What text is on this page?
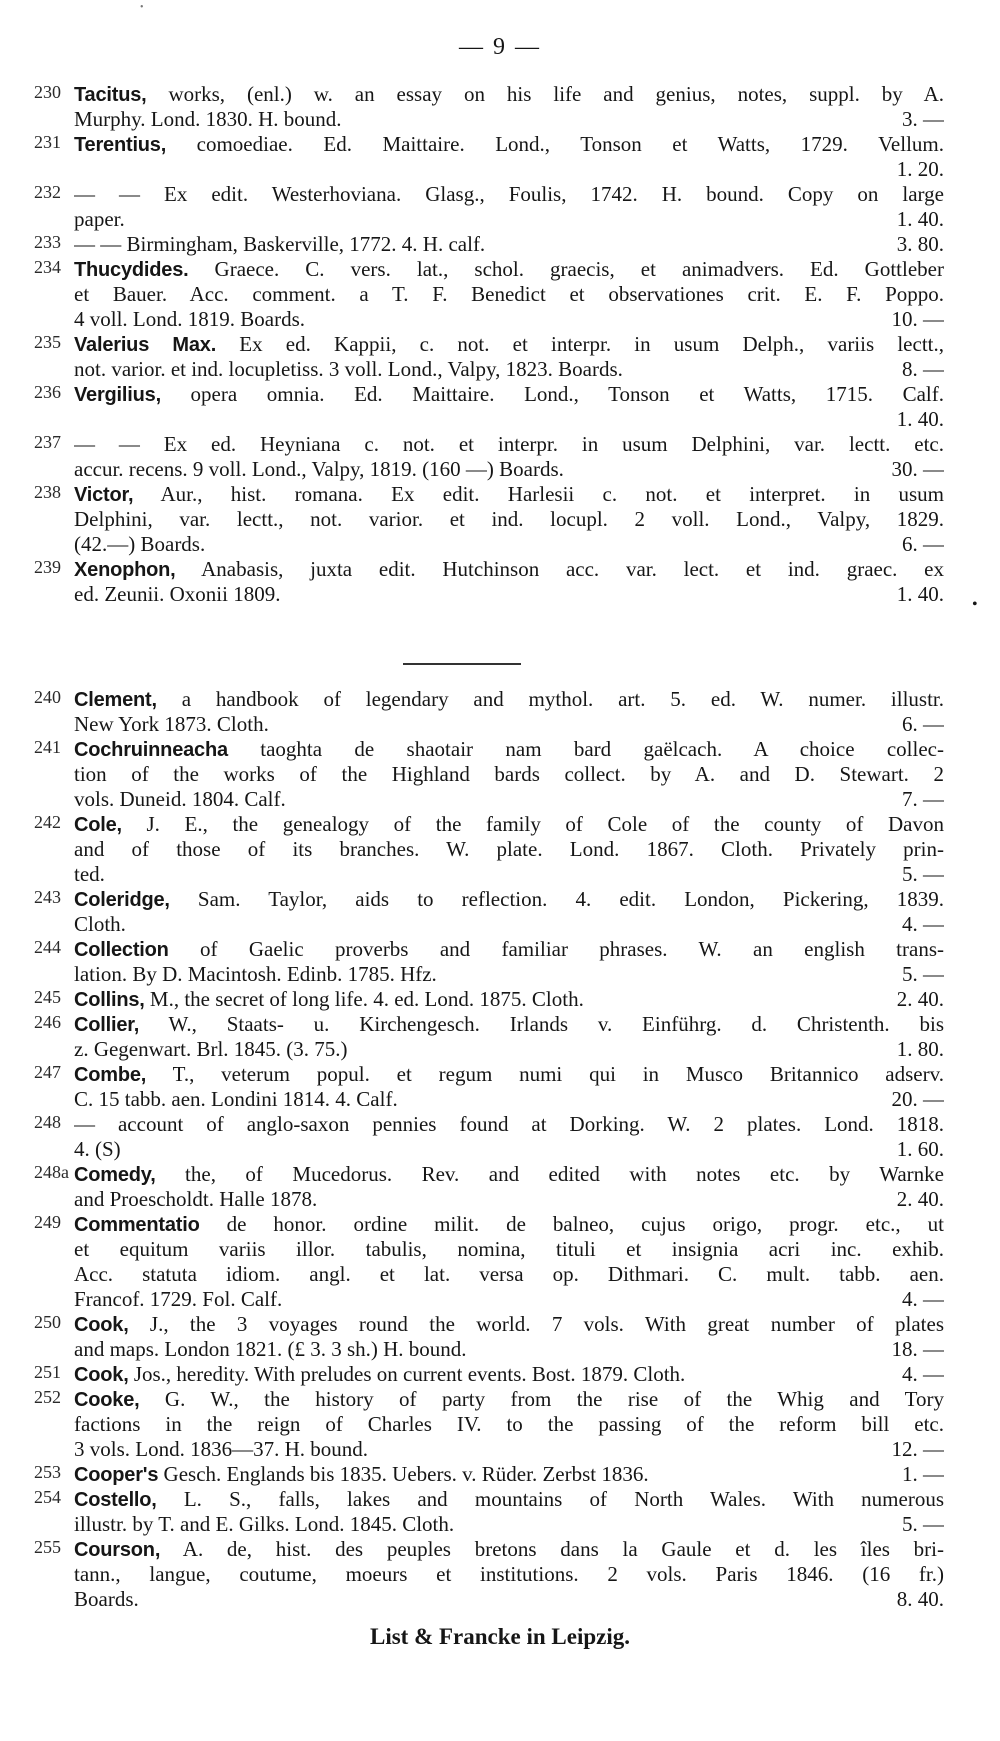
•
— 9 —
230 Tacitus, works, (enl.) w. an essay on his life and genius, notes, suppl. by A.
Murphy. Lond. 1830. H. bound.	3. —
231 Terentius, comoediae. Ed. Maittaire. Lond., Tonson et Watts, 1729. Vellum.
1. 20.
232 — — Ex edit. Westerhoviana. Glasg., Foulis, 1742. H. bound. Copy on large
paper.	1. 40.
233 — — Birmingham, Baskerville, 1772. 4. H. calf.	3. 80.
234 Thucydides. Graece. C. vers. lat., schol. graecis, et animadvers. Ed. Gottleber
et Bauer. Acc. comment. a T. F. Benedict et observationes crit. E. F. Poppo.
4 voll. Lond. 1819. Boards.	10. —
235 Valerius Max. Ex ed. Kappii, c. not. et interpr. in usum Delph., variis lectt.,
not. varior. et ind. locupletiss. 3 voll. Lond., Valpy, 1823. Boards.	8. —
236 Vergilius, opera omnia. Ed. Maittaire. Lond., Tonson et Watts, 1715. Calf.
1. 40.
237 — — Ex ed. Heyniana c. not. et interpr. in usum Delphini, var. lectt. etc.
accur. recens. 9 voll. Lond., Valpy, 1819. (160 —) Boards.	30. —
238 Victor, Aur., hist. romana. Ex edit. Harlesii c. not. et interpret. in usum
Delphini, var. lectt., not. varior. et ind. locupl. 2 voll. Lond., Valpy, 1829.
(42.—) Boards.	6. —
239 Xenophon, Anabasis, juxta edit. Hutchinson acc. var. lect. et ind. graec. ex
ed. Zeunii. Oxonii 1809.	1. 40.
240 Clement, a handbook of legendary and mythol. art. 5. ed. W. numer. illustr.
New York 1873. Cloth.	6. —
241 Cochruinneacha taoghta de shaotair nam bard gaëlcach. A choice collec-
tion of the works of the Highland bards collect. by A. and D. Stewart. 2
vols. Duneid. 1804. Calf.	7. —
242 Cole, J. E., the genealogy of the family of Cole of the county of Davon
and of those of its branches. W. plate. Lond. 1867. Cloth. Privately prin-
ted.	5. —
243 Coleridge, Sam. Taylor, aids to reflection. 4. edit. London, Pickering, 1839.
Cloth.	4. —
244 Collection of Gaelic proverbs and familiar phrases. W. an english trans-
lation. By D. Macintosh. Edinb. 1785. Hfz.	5. —
245 Collins, M., the secret of long life. 4. ed. Lond. 1875. Cloth.	2. 40.
246 Collier, W., Staats- u. Kirchengesch. Irlands v. Einführg. d. Christenth. bis
z. Gegenwart. Brl. 1845. (3. 75.)	1. 80.
247 Combe, T., veterum popul. et regum numi qui in Musco Britannico adserv.
C. 15 tabb. aen. Londini 1814. 4. Calf.	20. —
248 — account of anglo-saxon pennies found at Dorking. W. 2 plates. Lond. 1818.
4. (S)	1. 60.
248a Comedy, the, of Mucedorus. Rev. and edited with notes etc. by Warnke
and Proescholdt. Halle 1878.	2. 40.
249 Commentatio de honor. ordine milit. de balneo, cujus origo, progr. etc., ut
et equitum variis illor. tabulis, nomina, tituli et insignia acri inc. exhib.
Acc. statuta idiom. angl. et lat. versa op. Dithmari. C. mult. tabb. aen.
Francof. 1729. Fol. Calf.	4. —
250 Cook, J., the 3 voyages round the world. 7 vols. With great number of plates
and maps. London 1821. (£ 3. 3 sh.) H. bound.	18. —
251 Cook, Jos., heredity. With preludes on current events. Bost. 1879. Cloth.	4. —
252 Cooke, G. W., the history of party from the rise of the Whig and Tory
factions in the reign of Charles IV. to the passing of the reform bill etc.
3 vols. Lond. 1836—37. H. bound.	12. —
253 Cooper's Gesch. Englands bis 1835. Uebers. v. Rüder. Zerbst 1836.	1. —
254 Costello, L. S., falls, lakes and mountains of North Wales. With numerous
illustr. by T. and E. Gilks. Lond. 1845. Cloth.	5. —
255 Courson, A. de, hist. des peuples bretons dans la Gaule et d. les îles bri-
tann., langue, coutume, moeurs et institutions. 2 vols. Paris 1846. (16 fr.)
Boards.	8. 40.
•
List & Francke in Leipzig.
